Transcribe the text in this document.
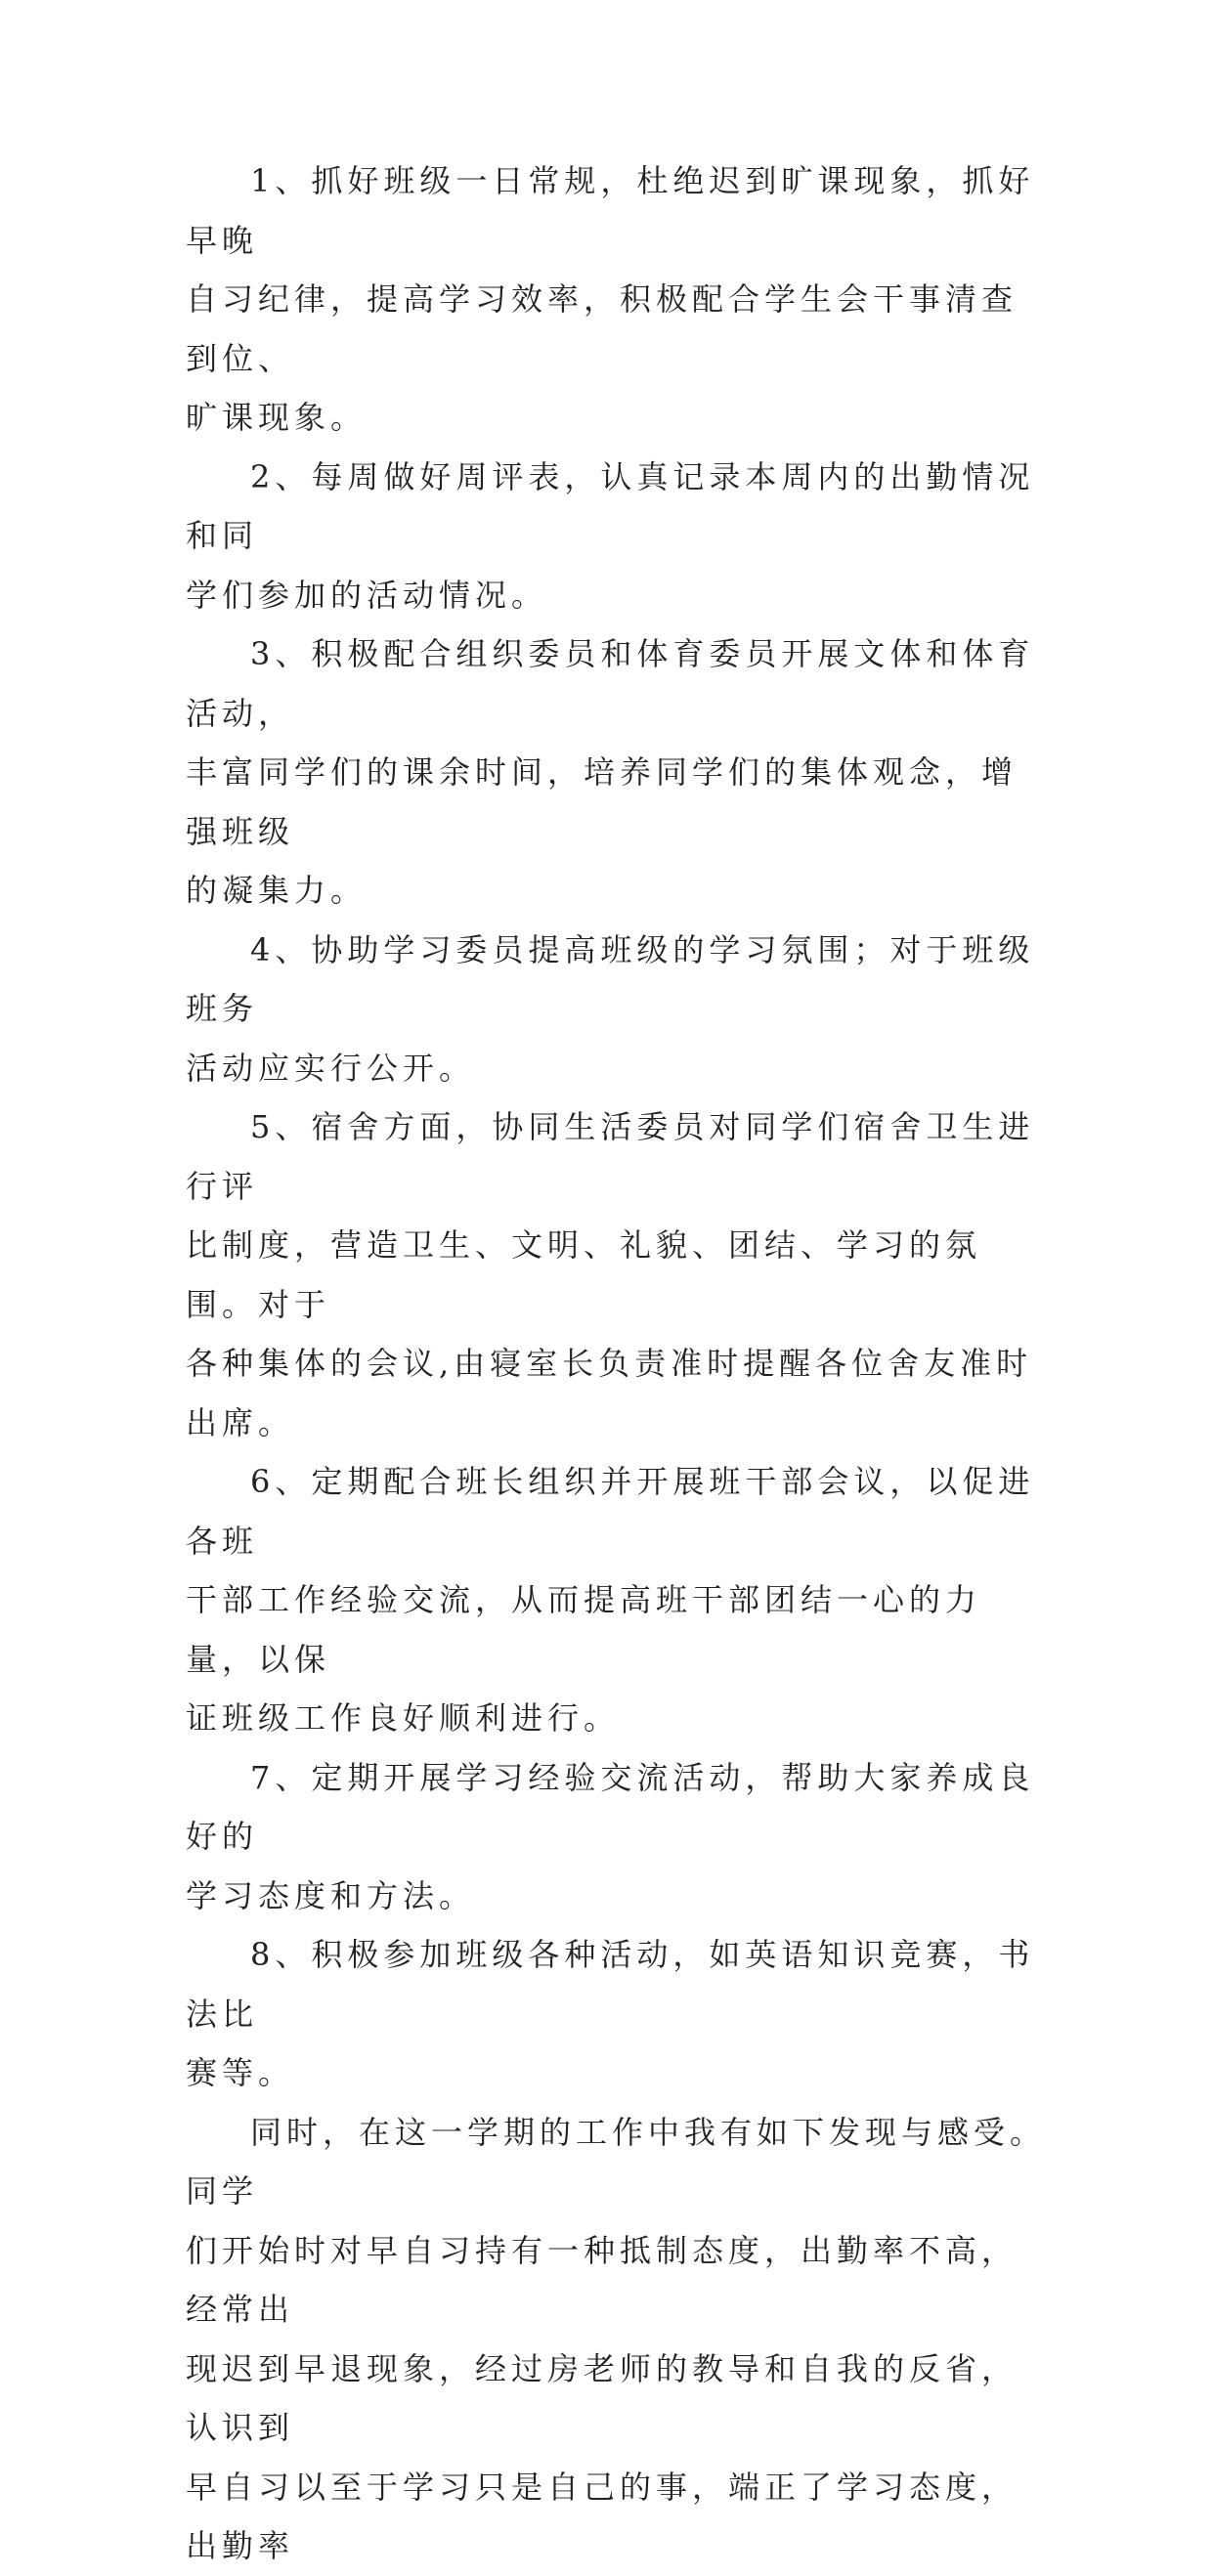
1、抓好班级一日常规，杜绝迟到旷课现象，抓好早晚
自习纪律，提高学习效率，积极配合学生会干事清查到位、
旷课现象。

2、每周做好周评表，认真记录本周内的出勤情况和同
学们参加的活动情况。

3、积极配合组织委员和体育委员开展文体和体育活动，
丰富同学们的课余时间，培养同学们的集体观念，增强班级
的凝集力。

4、协助学习委员提高班级的学习氛围；对于班级班务
活动应实行公开。

5、宿舍方面，协同生活委员对同学们宿舍卫生进行评
比制度，营造卫生、文明、礼貌、团结、学习的氛围。对于
各种集体的会议,由寝室长负责准时提醒各位舍友准时出席。

6、定期配合班长组织并开展班干部会议，以促进各班
干部工作经验交流，从而提高班干部团结一心的力量，以保
证班级工作良好顺利进行。

7、定期开展学习经验交流活动，帮助大家养成良好的
学习态度和方法。

8、积极参加班级各种活动，如英语知识竞赛，书法比
赛等。

同时，在这一学期的工作中我有如下发现与感受。同学
们开始时对早自习持有一种抵制态度，出勤率不高，经常出
现迟到早退现象，经过房老师的教导和自我的反省，认识到
早自习以至于学习只是自己的事，端正了学习态度，出勤率
